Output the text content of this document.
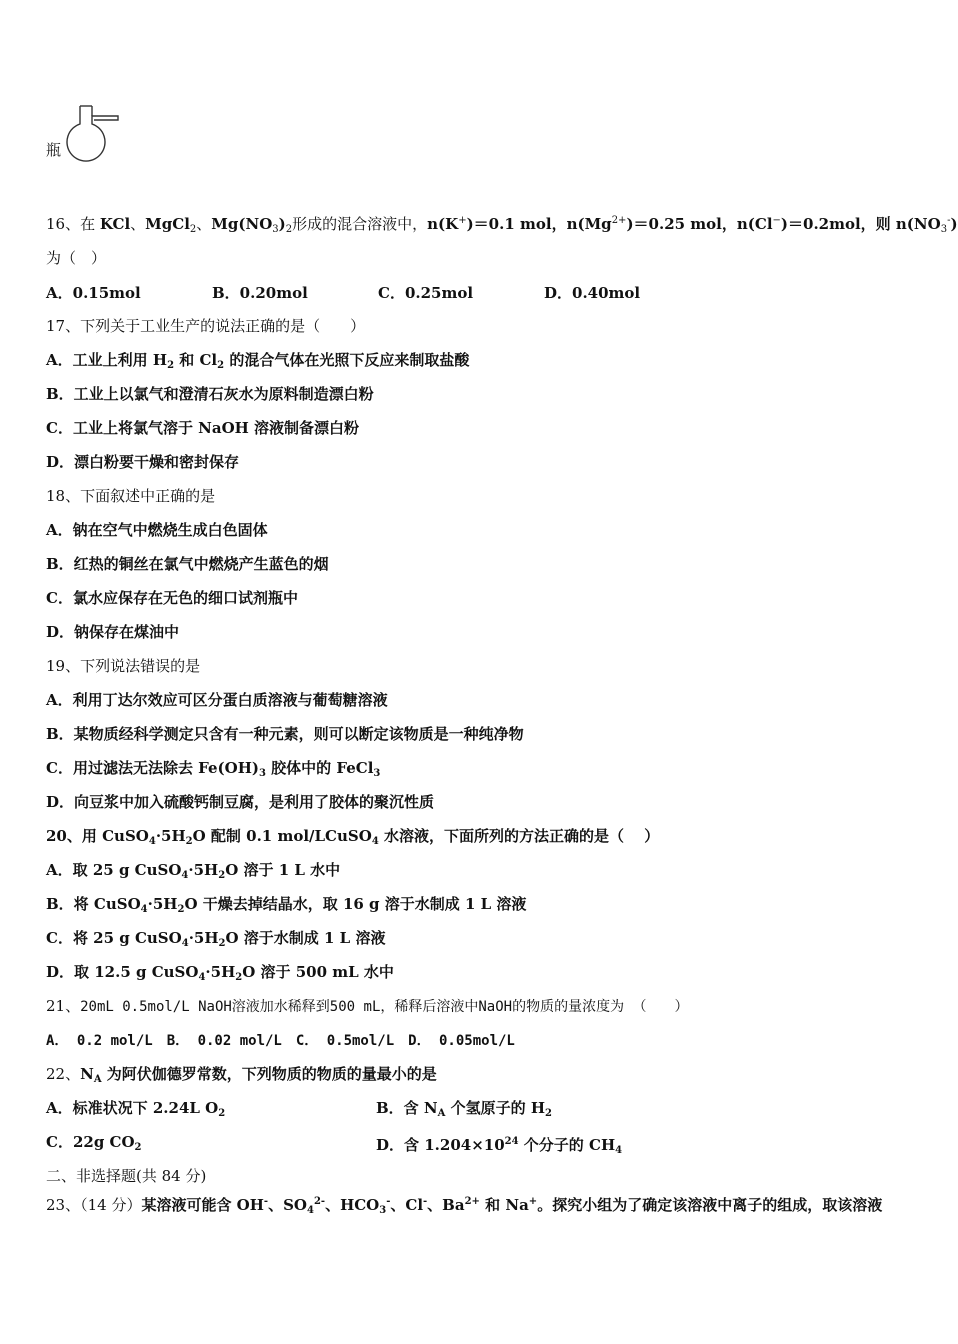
瓶
16、在 KCl、MgCl$_2$、$Mg(NO_3)_2$形成的混合溶液中，n(K+)＝0.1 mol，$n(Mg^{2+})=0.25$ mol，n(Cl−)＝0.2mol，则 $n(NO_3^-)$
为（　）
A．0.15mol	B．0.20mol	C．0.25mol	D．0.40mol
17、下列关于工业生产的说法正确的是（　　）
A．工业上利用 $H_2$ 和 $Cl_2$ 的混合气体在光照下反应来制取盐酸
B．工业上以氯气和澄清石灰水为原料制造漂白粉
C．工业上将氯气溶于 NaOH 溶液制备漂白粉
D．漂白粉要干燥和密封保存
18、下面叙述中正确的是
A．钠在空气中燃烧生成白色固体
B．红热的铜丝在氯气中燃烧产生蓝色的烟
C．氯水应保存在无色的细口试剂瓶中
D．钠保存在煤油中
19、下列说法错误的是
A．利用丁达尔效应可区分蛋白质溶液与葡萄糖溶液
B．某物质经科学测定只含有一种元素，则可以断定该物质是一种纯净物
C．用过滤法无法除去 $Fe(OH)_3$ 胶体中的 FeCl$_3$
D．向豆浆中加入硫酸钙制豆腐，是利用了胶体的聚沉性质
20、用 $CuSO_4\cdot 5H_2O$ 配制 0.1 mol/LCuSO$_4$ 水溶液，下面所列的方法正确的是（　 ）
A．取 25 g $CuSO_4\cdot 5H_2O$ 溶于 1 L 水中
B．将 $CuSO_4\cdot 5H_2O$ 干燥去掉结晶水，取 16 g 溶于水制成 1 L 溶液
C．将 25 g $CuSO_4\cdot 5H_2O$ 溶于水制成 1 L 溶液
D．取 12.5 g $CuSO_4\cdot 5H_2O$ 溶于 500 mL 水中
21、20mL 0.5mol/L NaOH溶液加水稀释到500 mL，稀释后溶液中NaOH的物质的量浓度为 （　　）
A． 0.2 mol/L　B． 0.02 mol/L　C． 0.5mol/L　D． 0.05mol/L
22、$N_A$ 为阿伏伽德罗常数，下列物质的物质的量最小的是
A．标准状况下 2.24L $O_2$	B．含 $N_A$ 个氢原子的 $H_2$
C．22g $CO_2$	D．含 $1.204\times 10^{24}$ 个分子的 $CH_4$
二、非选择题(共 84 分)
23、（14 分）某溶液可能含 OH-、$SO_4^{2-}$、$HCO_3^-$、Cl-、$Ba^{2+}$ 和 Na+。探究小组为了确定该溶液中离子的组成，取该溶液
